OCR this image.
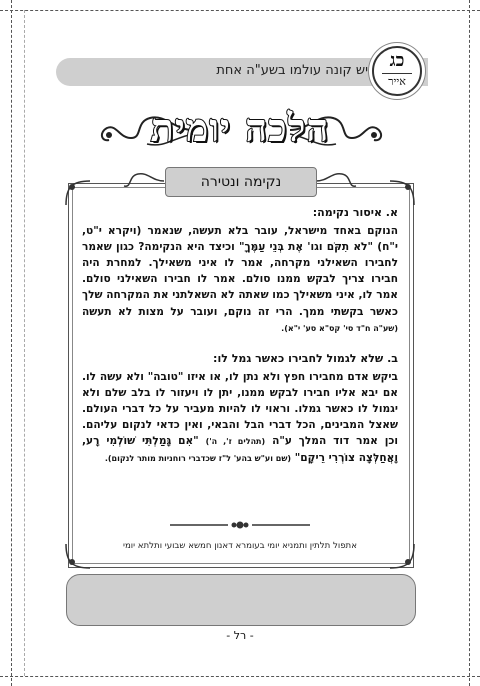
יש קונה עולמו בשע"ה אחת	כג
אייר
הלכה יומית
נקימה ונטירה
א. איסור נקימה:
הנוקם באחד מישראל, עובר בלא תעשה, שנאמר (ויקרא י"ט, י"ח) "לֹא תִקֹּם וגו' אֶת בְּנֵי עַמֶּךָ" וכיצד היא הנקימה? כגון שאמר לחבירו השאילני מקרחה, אמר לו איני משאילך. למחרת היה חבירו צריך לבקש ממנו סולם. אמר לו חבירו השאילני סולם. אמר לו, איני משאילך כמו שאתה לא השאלתני את המקרחה שלך כאשר בקשתי ממך. הרי זה נוקם, ועובר על מצות לא תעשה (שע"ה ח"ד סי' קס"א סע' י"א).
ב. שלא לגמול לחבירו כאשר גמל לו:
ביקש אדם מחבירו חפץ ולא נתן לו, או איזו "טובה" ולא עשה לו. אם יבא אליו חבירו לבקש ממנו, יתן לו ויעזור לו בלב שלם ולא יגמול לו כאשר גמלו. וראוי לו להיות מעביר על כל דברי העולם. שאצל המבינים, הכל דברי הבל והבאי, ואין כדאי לנקום עליהם. וכן אמר דוד המלך ע"ה (תהלים ז', ה') "אִם גָּמַלְתִּי שׁוֹלְמִי רָע, וָאֲחַלְּצָה צוֹרְרִי רֵיקָם" (שם וע"ש בהע' ל"ז שכדברי רוחניות מותר לנקום).
אתפול תלתין ותמניא יומי בעומרא דאנון חמשא שבועי ותלתא יומי
- רל -
